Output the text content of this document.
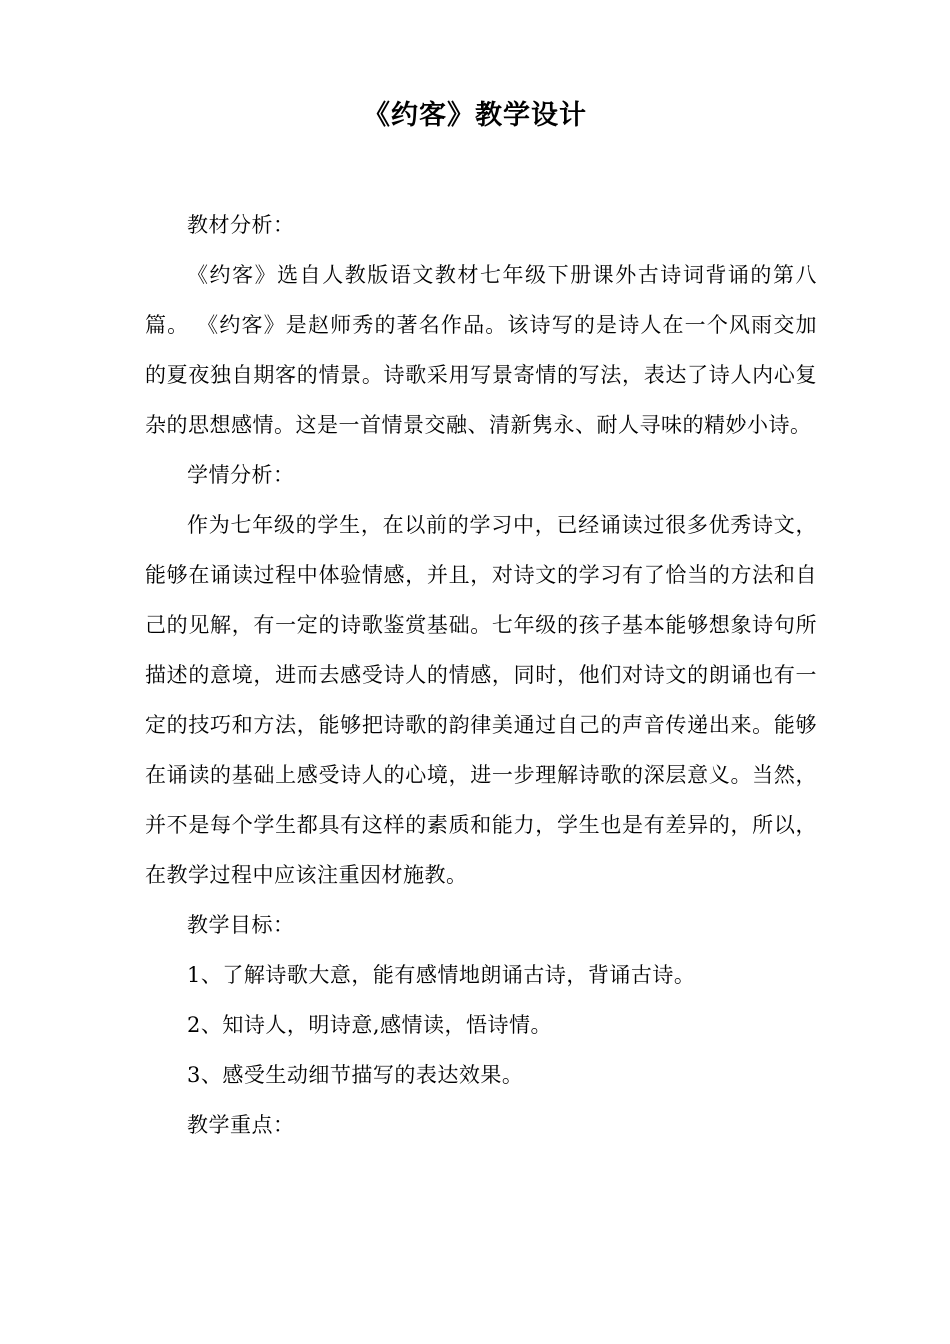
《约客》教学设计

教材分析：

《约客》选自人教版语文教材七年级下册课外古诗词背诵的第八篇。 《约客》是赵师秀的著名作品。该诗写的是诗人在一个风雨交加的夏夜独自期客的情景。诗歌采用写景寄情的写法，表达了诗人内心复杂的思想感情。这是一首情景交融、清新隽永、耐人寻味的精妙小诗。

学情分析：

作为七年级的学生，在以前的学习中，已经诵读过很多优秀诗文，能够在诵读过程中体验情感，并且，对诗文的学习有了恰当的方法和自己的见解，有一定的诗歌鉴赏基础。七年级的孩子基本能够想象诗句所描述的意境，进而去感受诗人的情感，同时，他们对诗文的朗诵也有一定的技巧和方法，能够把诗歌的韵律美通过自己的声音传递出来。能够在诵读的基础上感受诗人的心境，进一步理解诗歌的深层意义。当然，并不是每个学生都具有这样的素质和能力，学生也是有差异的，所以，在教学过程中应该注重因材施教。

教学目标：

1、了解诗歌大意，能有感情地朗诵古诗，背诵古诗。

2、知诗人，明诗意,感情读，悟诗情。

3、感受生动细节描写的表达效果。

教学重点：
